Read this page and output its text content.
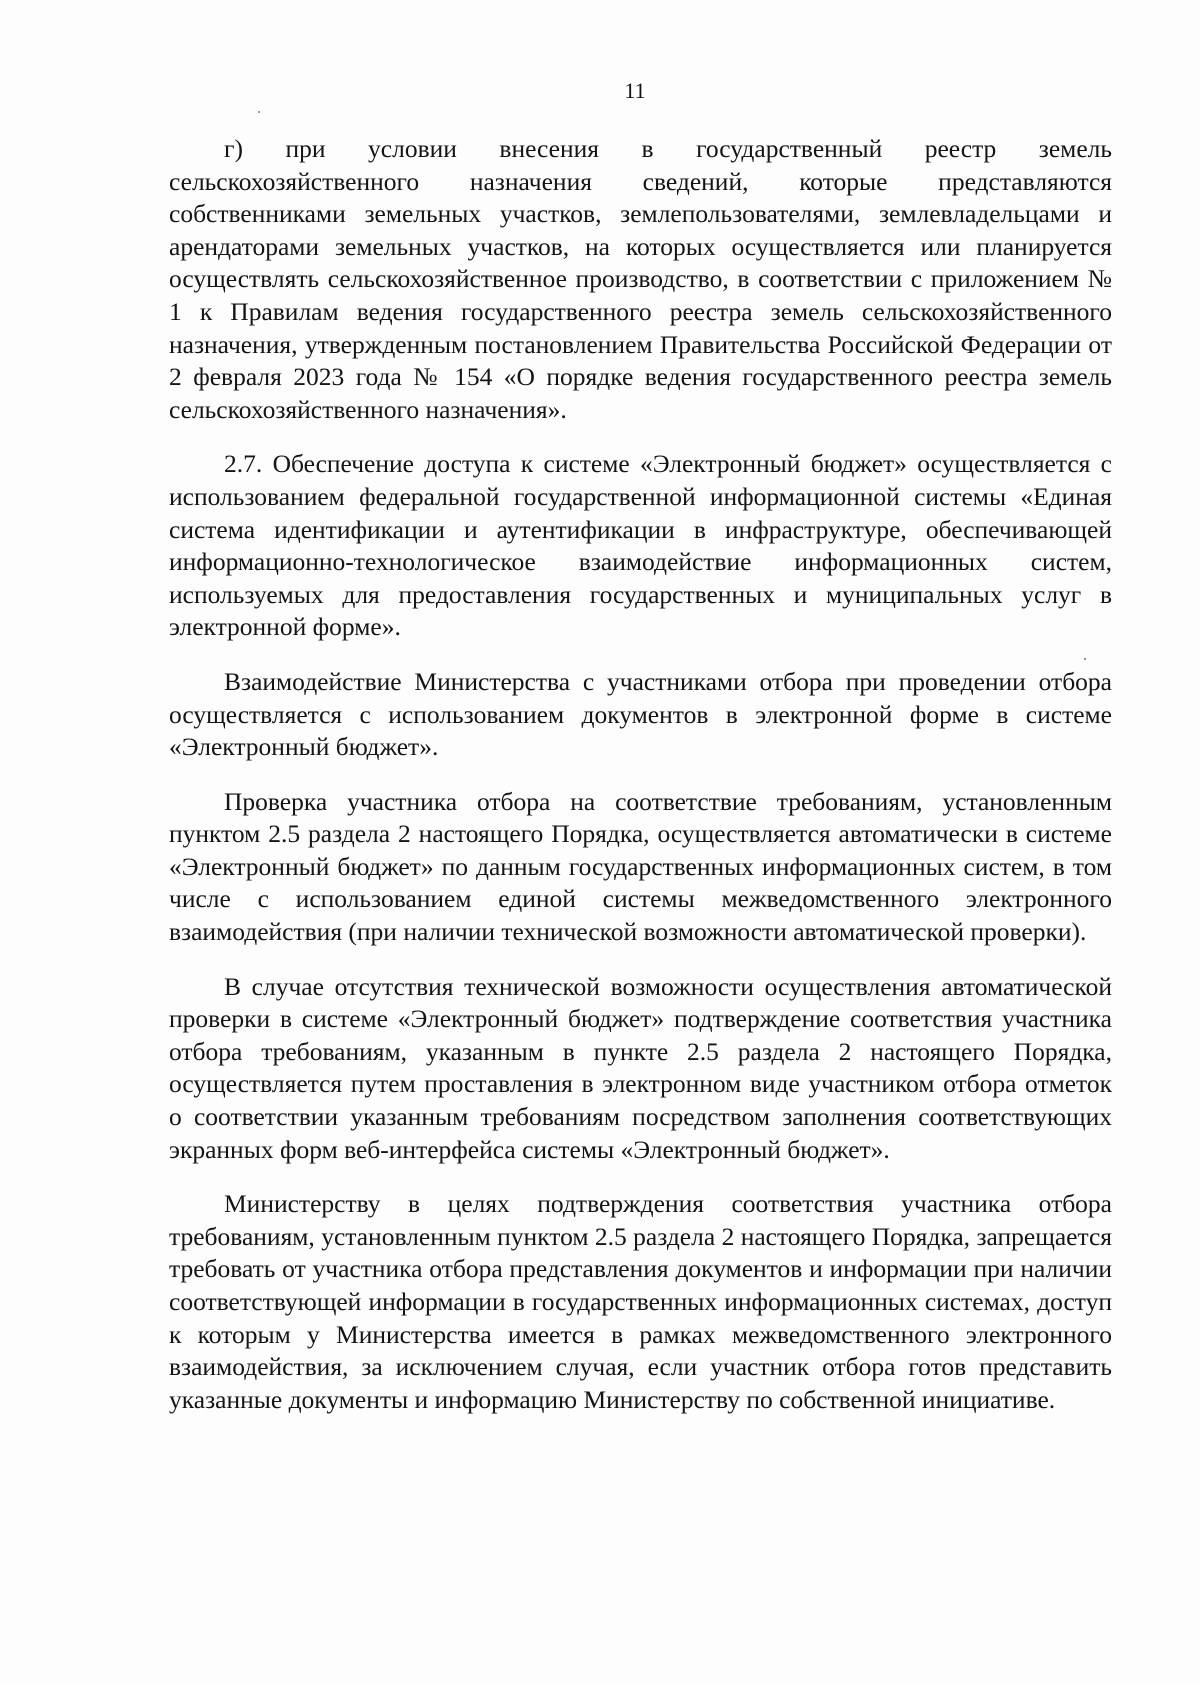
11

г) при условии внесения в государственный реестр земель сельскохозяйственного назначения сведений, которые представляются собственниками земельных участков, землепользователями, землевладельцами и арендаторами земельных участков, на которых осуществляется или планируется осуществлять сельскохозяйственное производство, в соответствии с приложением № 1 к Правилам ведения государственного реестра земель сельскохозяйственного назначения, утвержденным постановлением Правительства Российской Федерации от 2 февраля 2023 года № 154 «О порядке ведения государственного реестра земель сельскохозяйственного назначения».

2.7. Обеспечение доступа к системе «Электронный бюджет» осуществляется с использованием федеральной государственной информационной системы «Единая система идентификации и аутентификации в инфраструктуре, обеспечивающей информационно-технологическое взаимодействие информационных систем, используемых для предоставления государственных и муниципальных услуг в электронной форме».

Взаимодействие Министерства с участниками отбора при проведении отбора осуществляется с использованием документов в электронной форме в системе «Электронный бюджет».

Проверка участника отбора на соответствие требованиям, установленным пунктом 2.5 раздела 2 настоящего Порядка, осуществляется автоматически в системе «Электронный бюджет» по данным государственных информационных систем, в том числе с использованием единой системы межведомственного электронного взаимодействия (при наличии технической возможности автоматической проверки).

В случае отсутствия технической возможности осуществления автоматической проверки в системе «Электронный бюджет» подтверждение соответствия участника отбора требованиям, указанным в пункте 2.5 раздела 2 настоящего Порядка, осуществляется путем проставления в электронном виде участником отбора отметок о соответствии указанным требованиям посредством заполнения соответствующих экранных форм веб-интерфейса системы «Электронный бюджет».

Министерству в целях подтверждения соответствия участника отбора требованиям, установленным пунктом 2.5 раздела 2 настоящего Порядка, запрещается требовать от участника отбора представления документов и информации при наличии соответствующей информации в государственных информационных системах, доступ к которым у Министерства имеется в рамках межведомственного электронного взаимодействия, за исключением случая, если участник отбора готов представить указанные документы и информацию Министерству по собственной инициативе.
